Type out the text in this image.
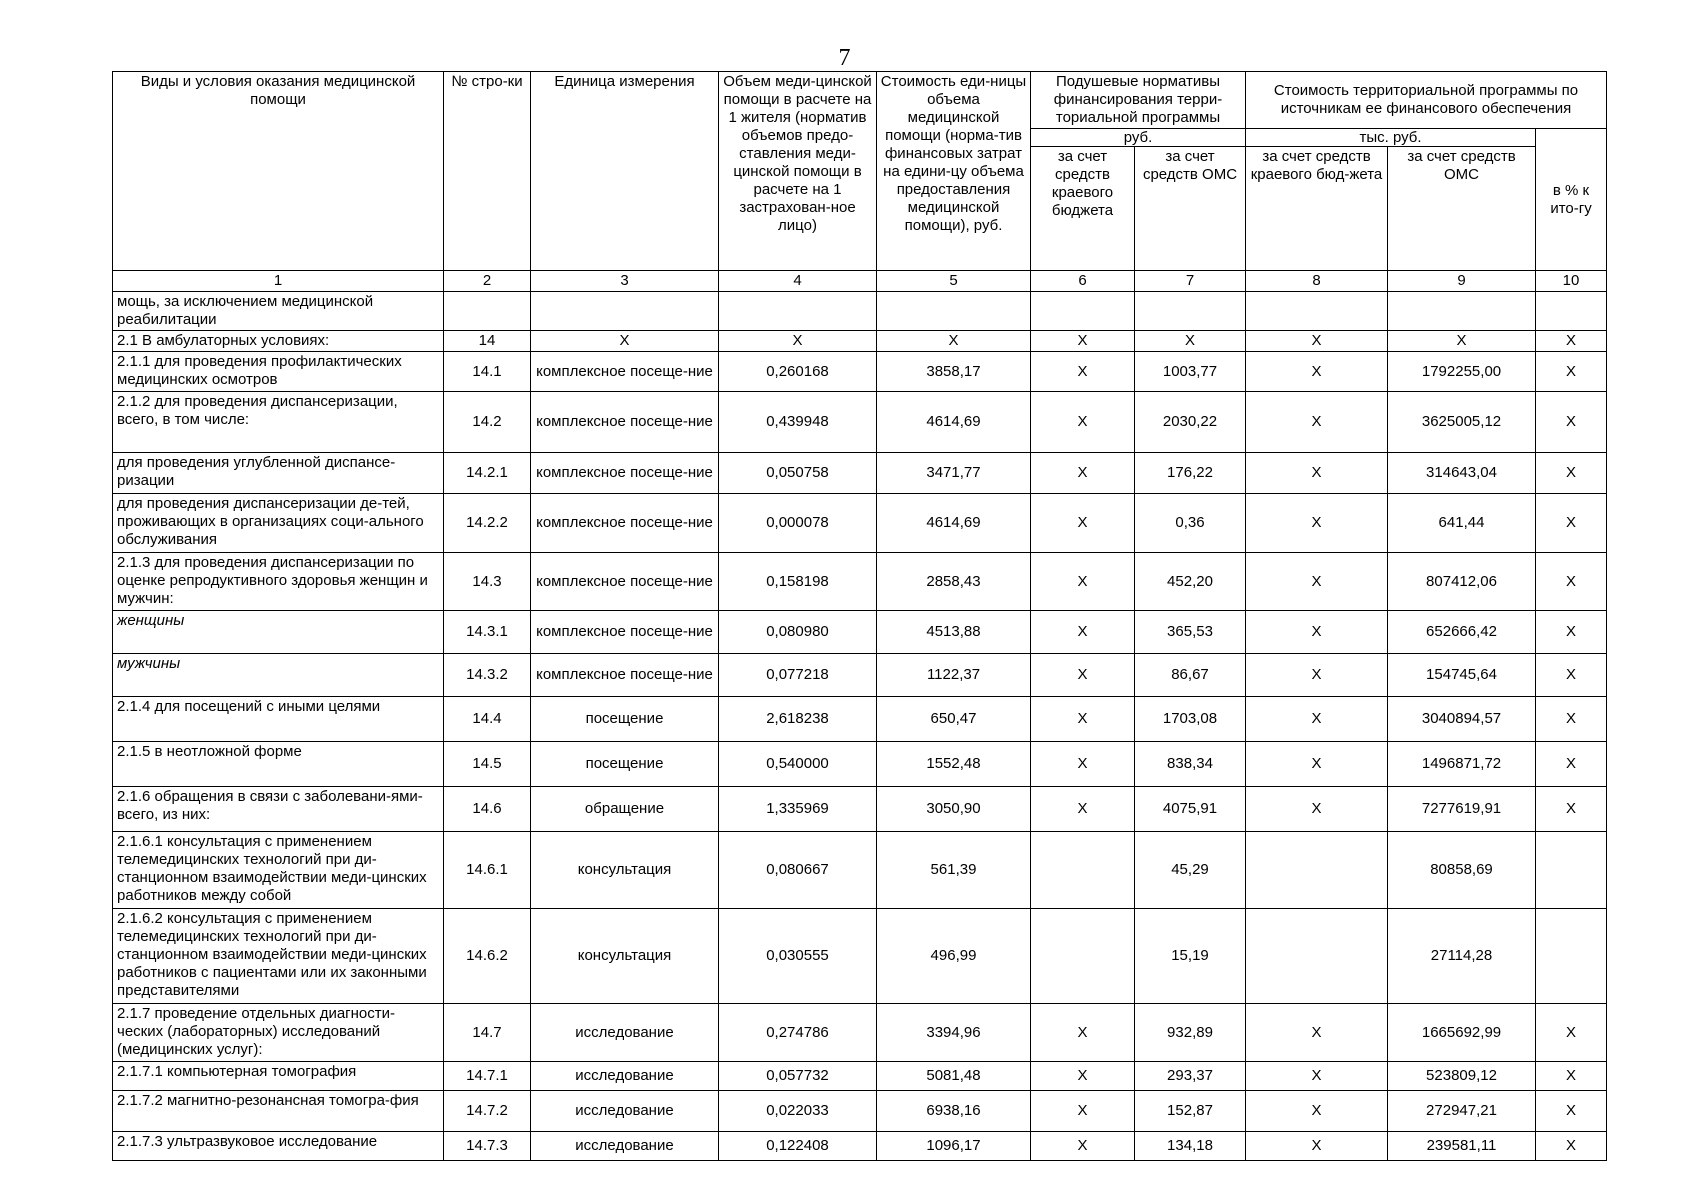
7
Виды и условия оказания медицинской помощи	№ стро-ки	Единица измерения	Объем меди-цинской помощи в расчете на 1 жителя (норматив объемов предо-ставления меди-цинской помощи в расчете на 1 застрахован-ное лицо)	Стоимость еди-ницы объема медицинской помощи (норма-тив финансовых затрат на едини-цу объема предоставления медицинской помощи), руб.	Подушевые нормативы финансирования терри-ториальной программы		Стоимость территориальной программы по источникам ее финансового обеспечения		
					руб.		тыс. руб.		в % к ито-гу
					за счет средств краевого бюджета	за счет средств ОМС	за счет средств краевого бюд-жета	за счет средств ОМС	
1	2	3	4	5	6	7	8	9	10
мощь, за исключением медицинской реабилитации									
2.1 В амбулаторных условиях:	14	X	X	X	X	X	X	X	X
2.1.1 для проведения профилактических медицинских осмотров	14.1	комплексное посеще-ние	0,260168	3858,17	X	1003,77	X	1792255,00	X
2.1.2 для проведения диспансеризации, всего, в том числе:	14.2	комплексное посеще-ние	0,439948	4614,69	X	2030,22	X	3625005,12	X
для проведения углубленной диспансе-ризации	14.2.1	комплексное посеще-ние	0,050758	3471,77	X	176,22	X	314643,04	X
для проведения диспансеризации де-тей, проживающих в организациях соци-ального обслуживания	14.2.2	комплексное посеще-ние	0,000078	4614,69	X	0,36	X	641,44	X
2.1.3 для проведения диспансеризации по оценке репродуктивного здоровья женщин и мужчин:	14.3	комплексное посеще-ние	0,158198	2858,43	X	452,20	X	807412,06	X
женщины	14.3.1	комплексное посеще-ние	0,080980	4513,88	X	365,53	X	652666,42	X
мужчины	14.3.2	комплексное посеще-ние	0,077218	1122,37	X	86,67	X	154745,64	X
2.1.4 для посещений с иными целями	14.4	посещение	2,618238	650,47	X	1703,08	X	3040894,57	X
2.1.5 в неотложной форме	14.5	посещение	0,540000	1552,48	X	838,34	X	1496871,72	X
2.1.6 обращения в связи с заболевани-ями-всего, из них:	14.6	обращение	1,335969	3050,90	X	4075,91	X	7277619,91	X
2.1.6.1 консультация с применением телемедицинских технологий при ди-станционном взаимодействии меди-цинских работников между собой	14.6.1	консультация	0,080667	561,39		45,29		80858,69	
2.1.6.2 консультация с применением телемедицинских технологий при ди-станционном взаимодействии меди-цинских работников с пациентами или их законными представителями	14.6.2	консультация	0,030555	496,99		15,19		27114,28	
2.1.7 проведение отдельных диагности-ческих (лабораторных) исследований (медицинских услуг):	14.7	исследование	0,274786	3394,96	X	932,89	X	1665692,99	X
2.1.7.1 компьютерная томография	14.7.1	исследование	0,057732	5081,48	X	293,37	X	523809,12	X
2.1.7.2 магнитно-резонансная томогра-фия	14.7.2	исследование	0,022033	6938,16	X	152,87	X	272947,21	X
2.1.7.3 ультразвуковое исследование	14.7.3	исследование	0,122408	1096,17	X	134,18	X	239581,11	X
